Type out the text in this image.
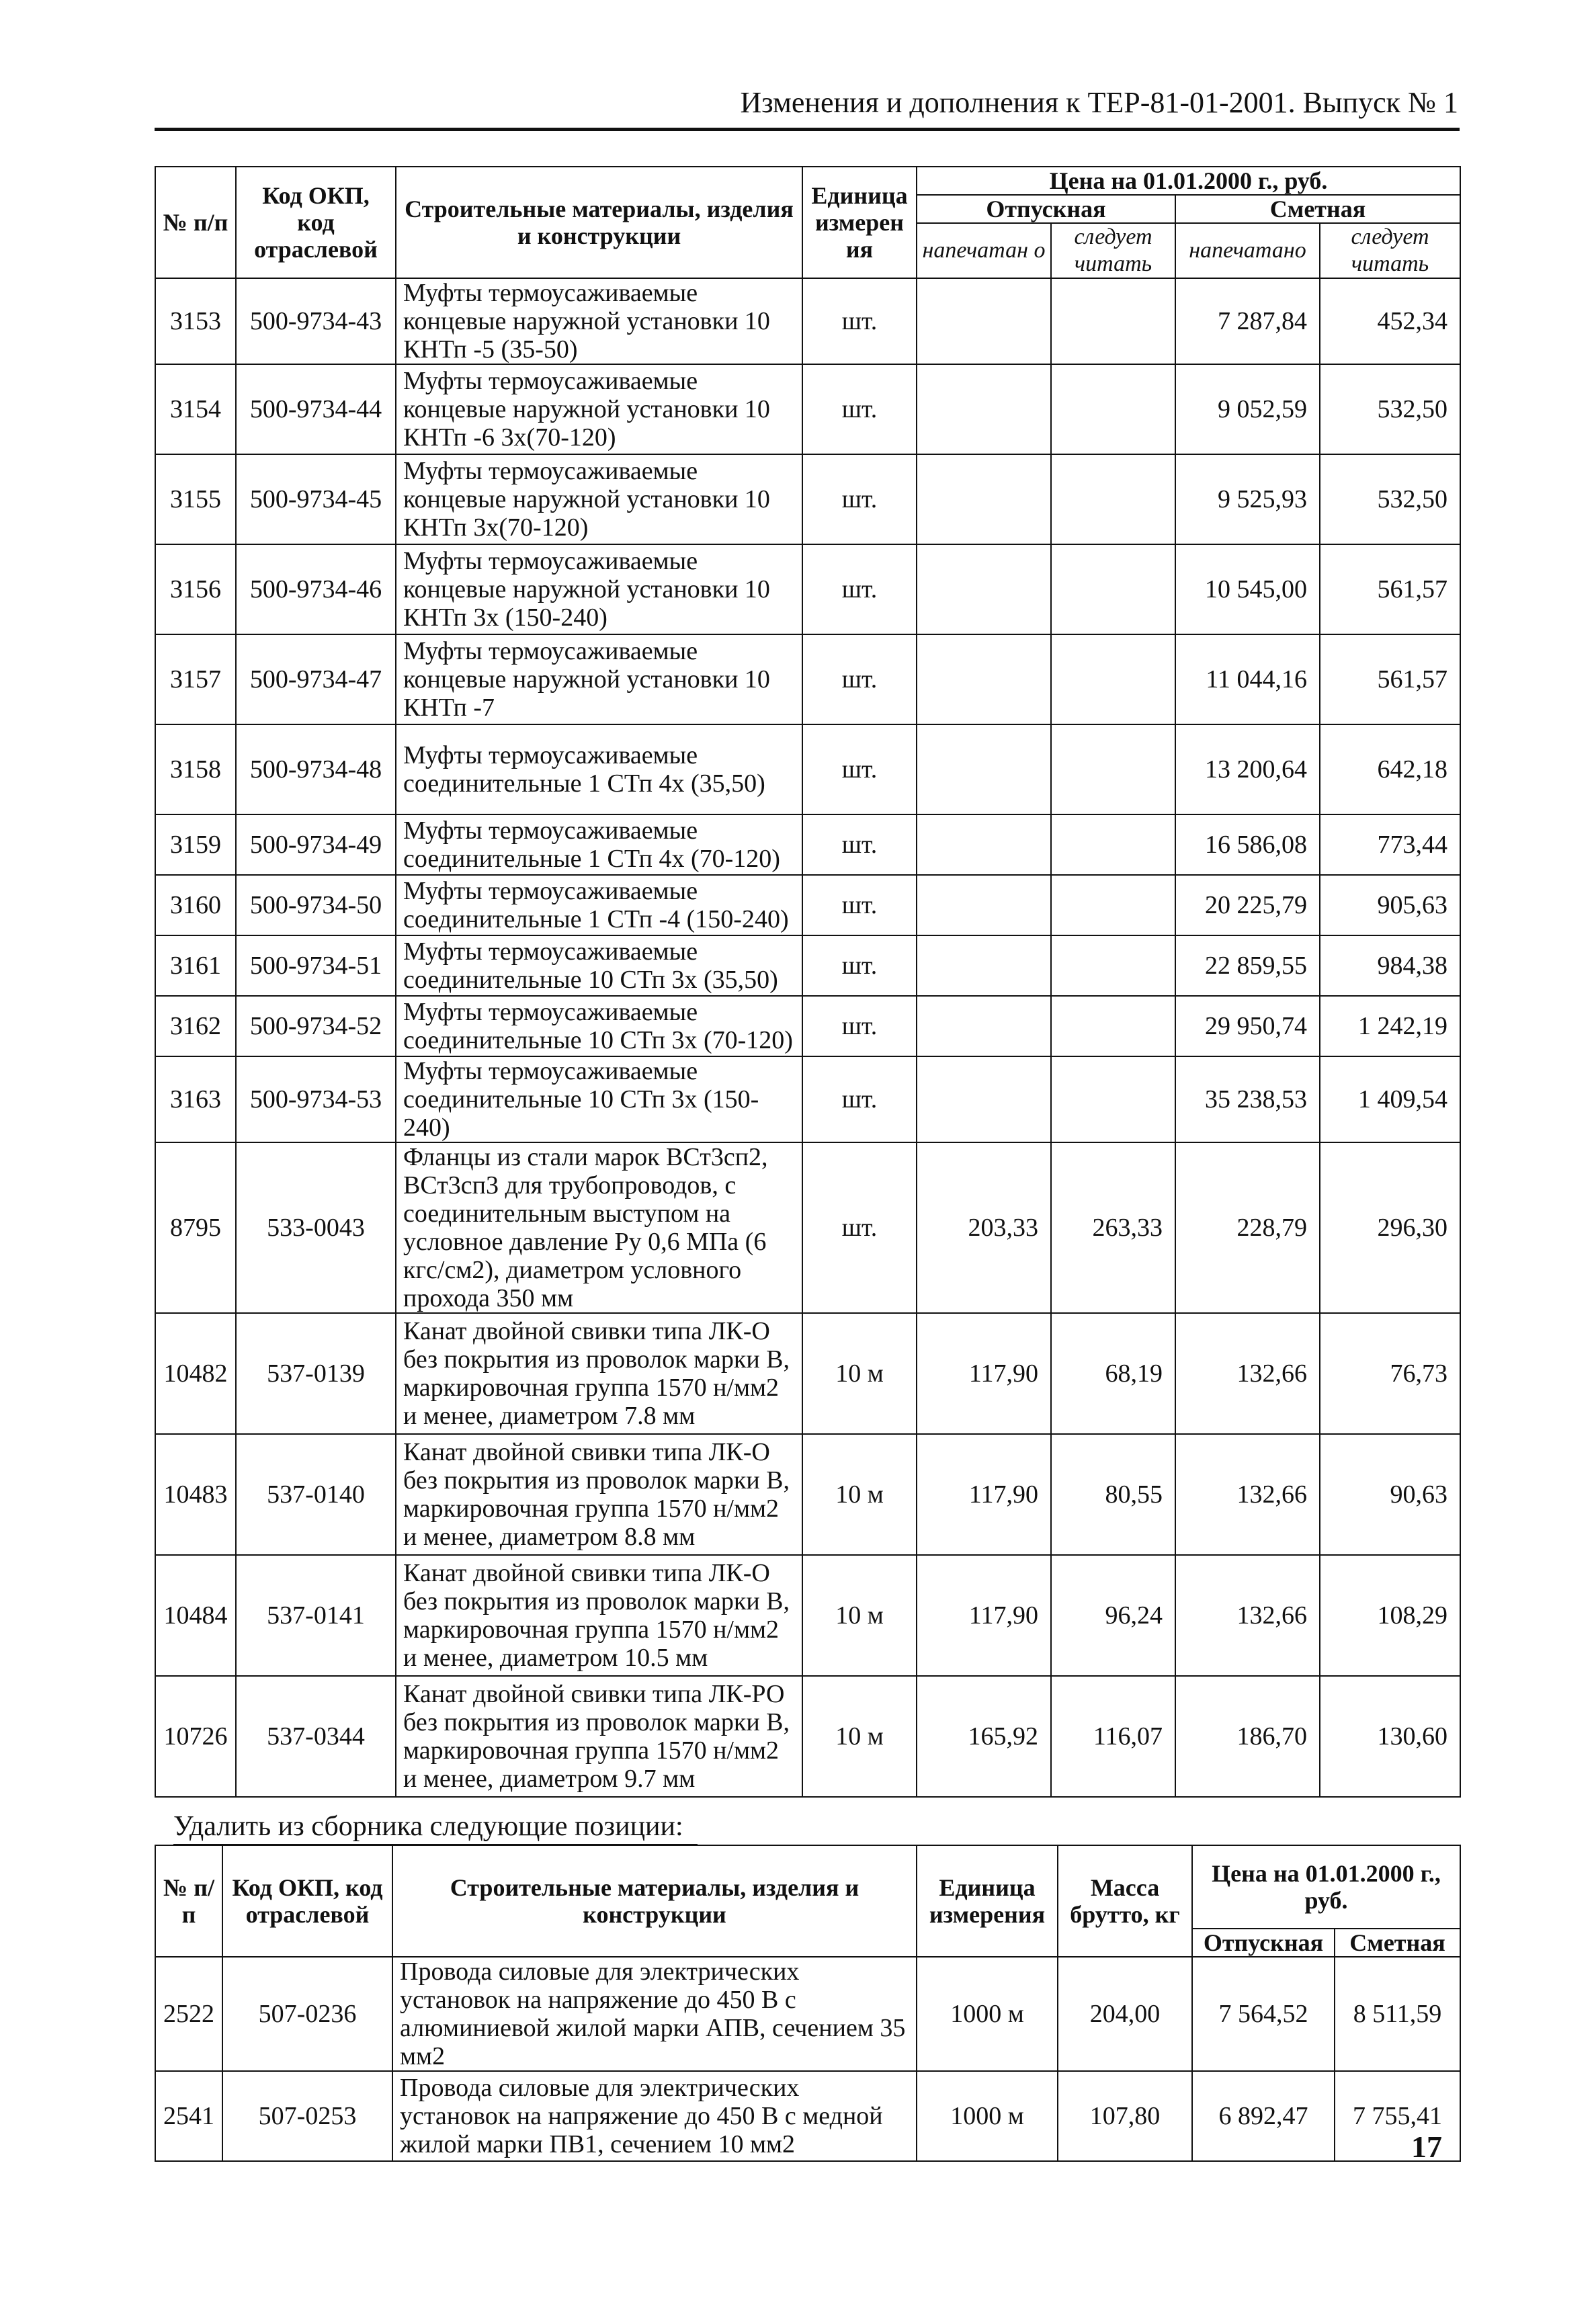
Изменения и дополнения к ТЕР-81-01-2001. Выпуск № 1
№ п/п	Код ОКП, код отраслевой	Строительные материалы, изделия и конструкции	Единица измерен ия	Цена на 01.01.2000 г., руб.			
				Отпускная		Сметная	
				напечатан о	следует читать	напечатано	следует читать
3153	500-9734-43	Муфты термоусаживаемые концевые наружной установки 10 КНТп -5 (35-50)	шт.			7 287,84	452,34
3154	500-9734-44	Муфты термоусаживаемые концевые наружной установки 10 КНТп -6 3х(70-120)	шт.			9 052,59	532,50
3155	500-9734-45	Муфты термоусаживаемые концевые наружной установки 10 КНТп 3х(70-120)	шт.			9 525,93	532,50
3156	500-9734-46	Муфты термоусаживаемые концевые наружной установки 10 КНТп 3х (150-240)	шт.			10 545,00	561,57
3157	500-9734-47	Муфты термоусаживаемые концевые наружной установки 10 КНТп -7	шт.			11 044,16	561,57
3158	500-9734-48	Муфты термоусаживаемые соединительные 1 СТп 4х (35,50)	шт.			13 200,64	642,18
3159	500-9734-49	Муфты термоусаживаемые соединительные 1 СТп 4х (70-120)	шт.			16 586,08	773,44
3160	500-9734-50	Муфты термоусаживаемые соединительные 1 СТп -4 (150-240)	шт.			20 225,79	905,63
3161	500-9734-51	Муфты термоусаживаемые соединительные 10 СТп 3х (35,50)	шт.			22 859,55	984,38
3162	500-9734-52	Муфты термоусаживаемые соединительные 10 СТп 3х (70-120)	шт.			29 950,74	1 242,19
3163	500-9734-53	Муфты термоусаживаемые соединительные 10 СТп 3х (150-240)	шт.			35 238,53	1 409,54
8795	533-0043	Фланцы из стали марок ВСт3сп2, ВСт3сп3 для трубопроводов, с соединительным выступом на условное давление Ру 0,6 МПа (6 кгс/см2), диаметром условного прохода 350 мм	шт.	203,33	263,33	228,79	296,30
10482	537-0139	Канат двойной свивки типа ЛК-О без покрытия из проволок марки В, маркировочная группа 1570 н/мм2 и менее, диаметром 7.8 мм	10 м	117,90	68,19	132,66	76,73
10483	537-0140	Канат двойной свивки типа ЛК-О без покрытия из проволок марки В, маркировочная группа 1570 н/мм2 и менее, диаметром 8.8 мм	10 м	117,90	80,55	132,66	90,63
10484	537-0141	Канат двойной свивки типа ЛК-О без покрытия из проволок марки В, маркировочная группа 1570 н/мм2 и менее, диаметром 10.5 мм	10 м	117,90	96,24	132,66	108,29
10726	537-0344	Канат двойной свивки типа ЛК-РО без покрытия из проволок марки В, маркировочная группа 1570 н/мм2 и менее, диаметром 9.7 мм	10 м	165,92	116,07	186,70	130,60
Удалить из сборника следующие позиции:
№ п/п	Код ОКП, код отраслевой	Строительные материалы, изделия и конструкции	Единица измерения	Масса брутто, кг	Цена на 01.01.2000 г., руб.	
					Отпускная	Сметная
2522	507-0236	Провода силовые для электрических установок на напряжение до 450 В с алюминиевой жилой марки АПВ, сечением 35 мм2	1000 м	204,00	7 564,52	8 511,59
2541	507-0253	Провода силовые для электрических установок на напряжение до 450 В с медной жилой марки ПВ1, сечением 10 мм2	1000 м	107,80	6 892,47	7 755,41
17
